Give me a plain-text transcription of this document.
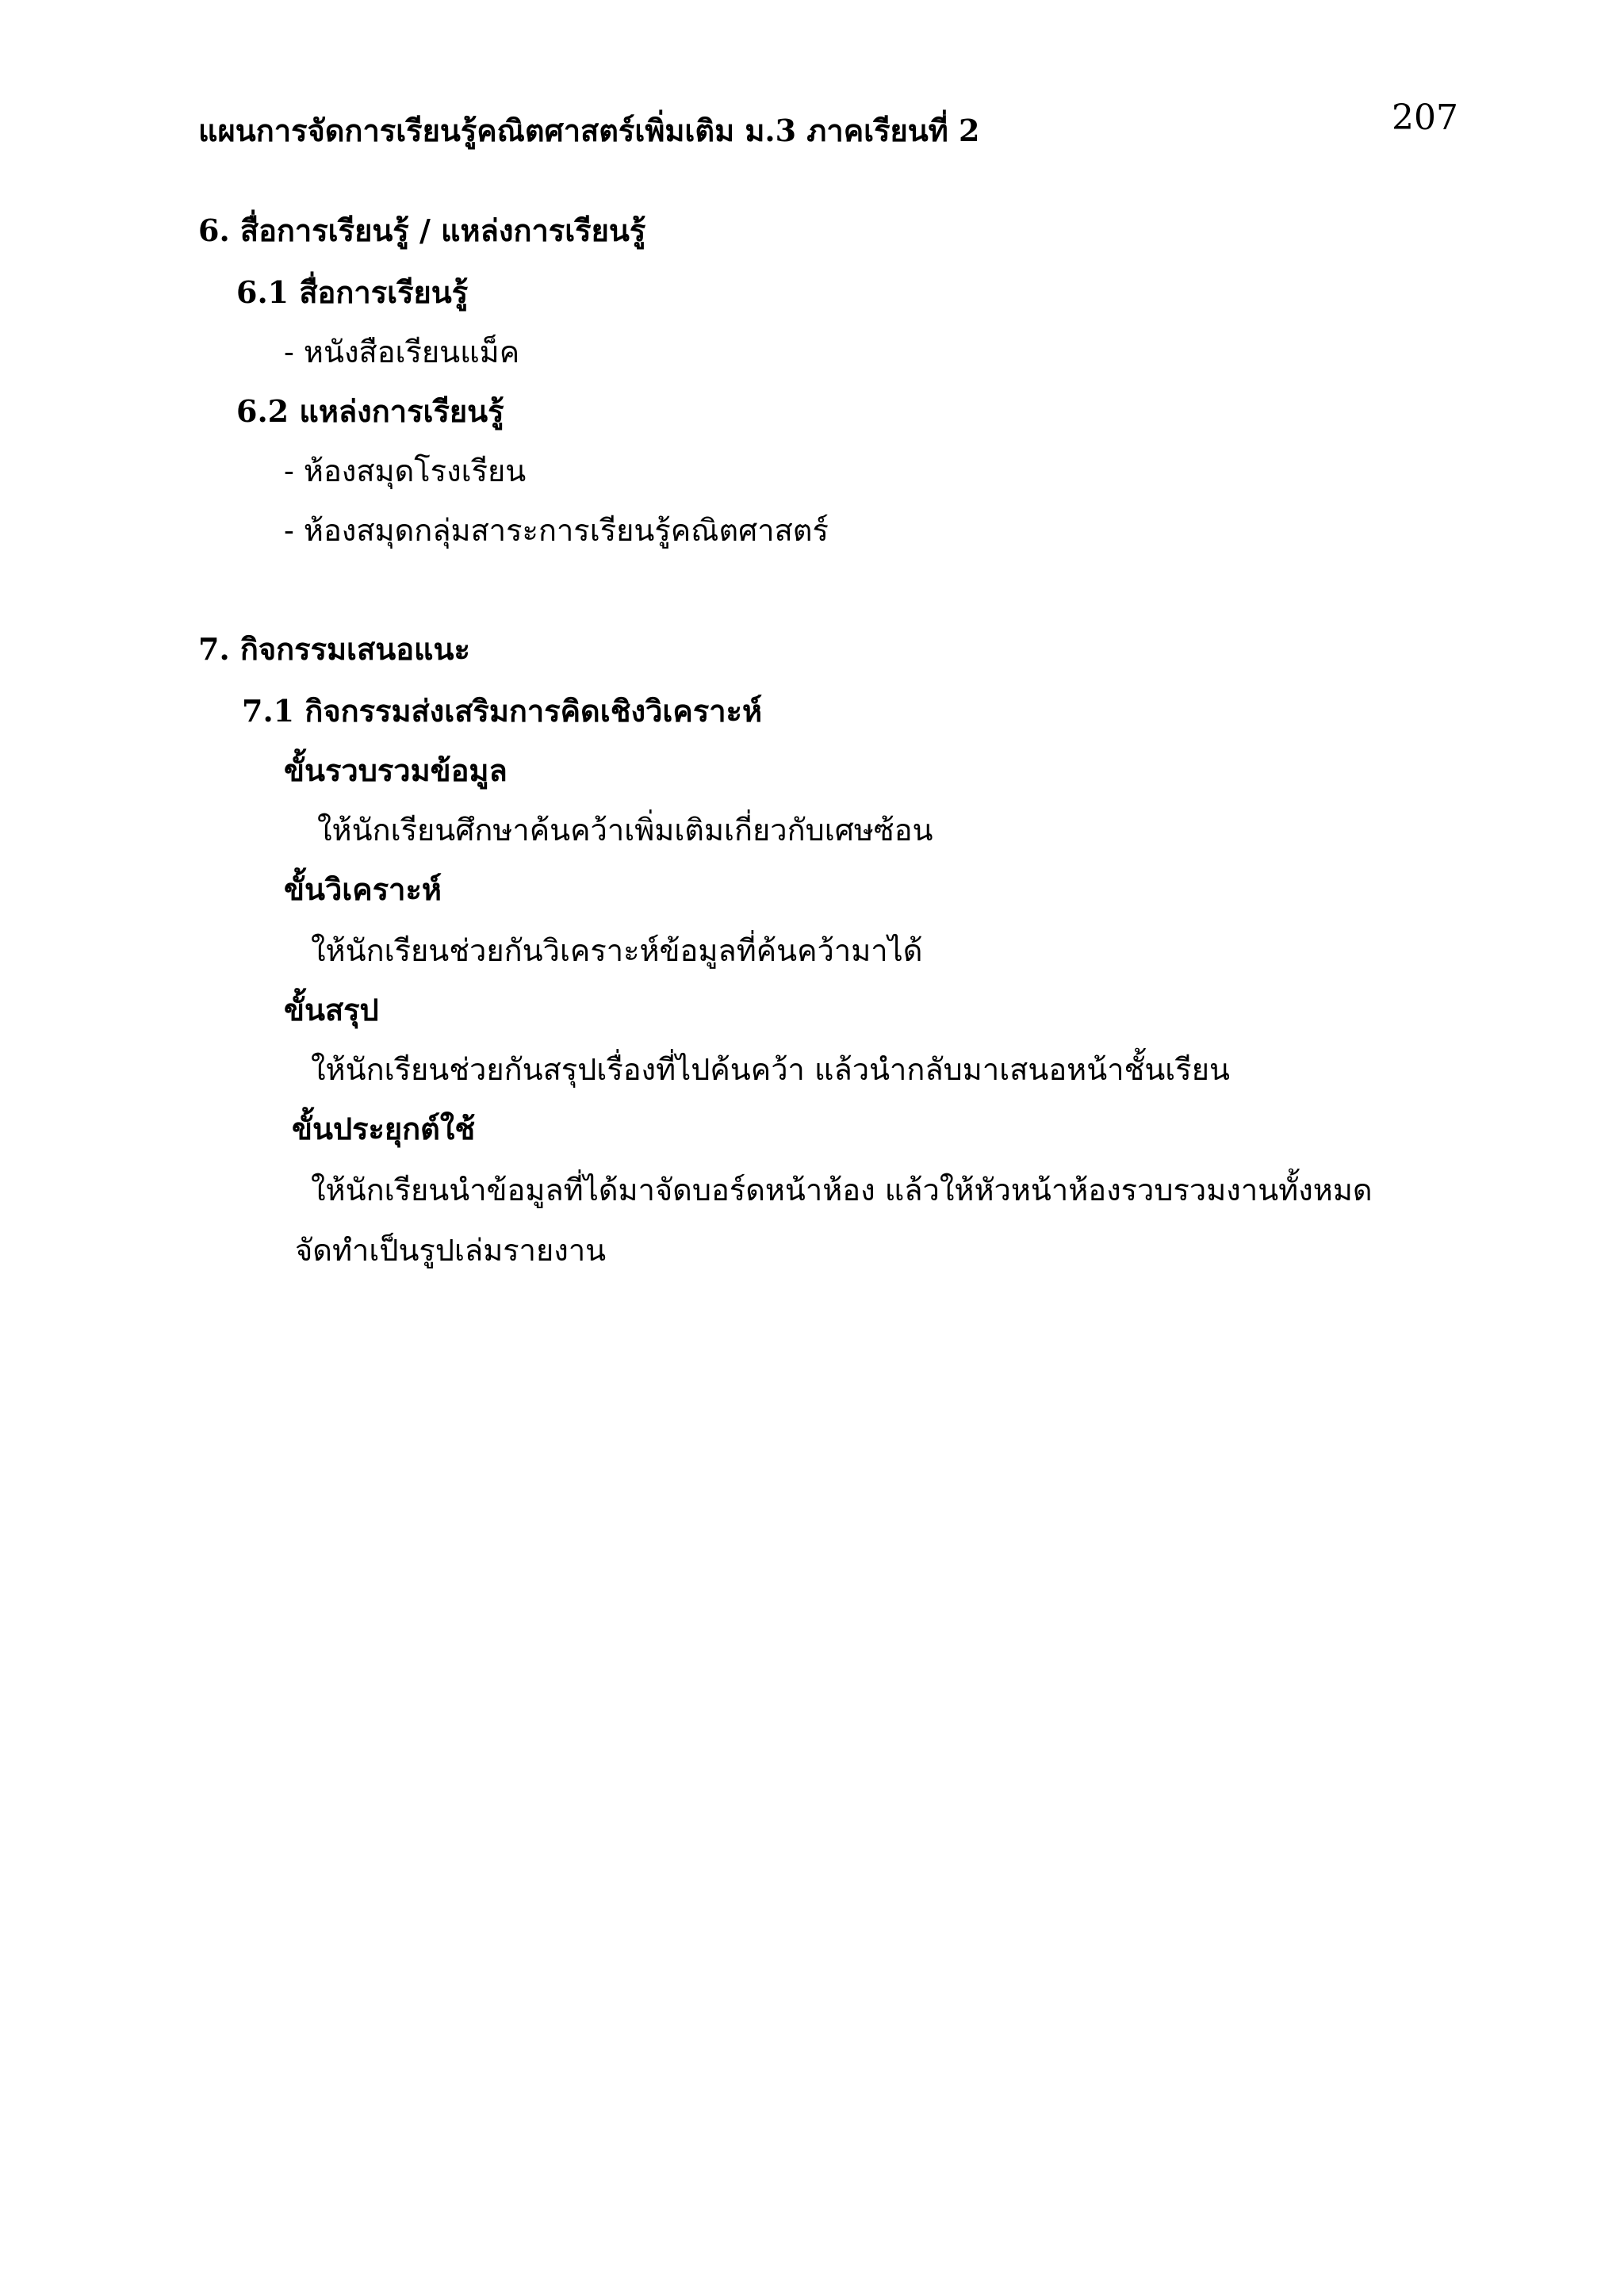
แผนการจัดการเรียนรู้คณิตศาสตร์เพิ่มเติม ม.3 ภาคเรียนที่ 2	207
6. สื่อการเรียนรู้ / แหล่งการเรียนรู้
6.1 สื่อการเรียนรู้
- หนังสือเรียนแม็ค
6.2 แหล่งการเรียนรู้
- ห้องสมุดโรงเรียน
- ห้องสมุดกลุ่มสาระการเรียนรู้คณิตศาสตร์
7. กิจกรรมเสนอแนะ
7.1 กิจกรรมส่งเสริมการคิดเชิงวิเคราะห์
ขั้นรวบรวมข้อมูล
ให้นักเรียนศึกษาค้นคว้าเพิ่มเติมเกี่ยวกับเศษซ้อน
ขั้นวิเคราะห์
ให้นักเรียนช่วยกันวิเคราะห์ข้อมูลที่ค้นคว้ามาได้
ขั้นสรุป
ให้นักเรียนช่วยกันสรุปเรื่องที่ไปค้นคว้า แล้วนำกลับมาเสนอหน้าชั้นเรียน
ขั้นประยุกต์ใช้
ให้นักเรียนนำข้อมูลที่ได้มาจัดบอร์ดหน้าห้อง แล้วให้หัวหน้าห้องรวบรวมงานทั้งหมด
จัดทำเป็นรูปเล่มรายงาน
